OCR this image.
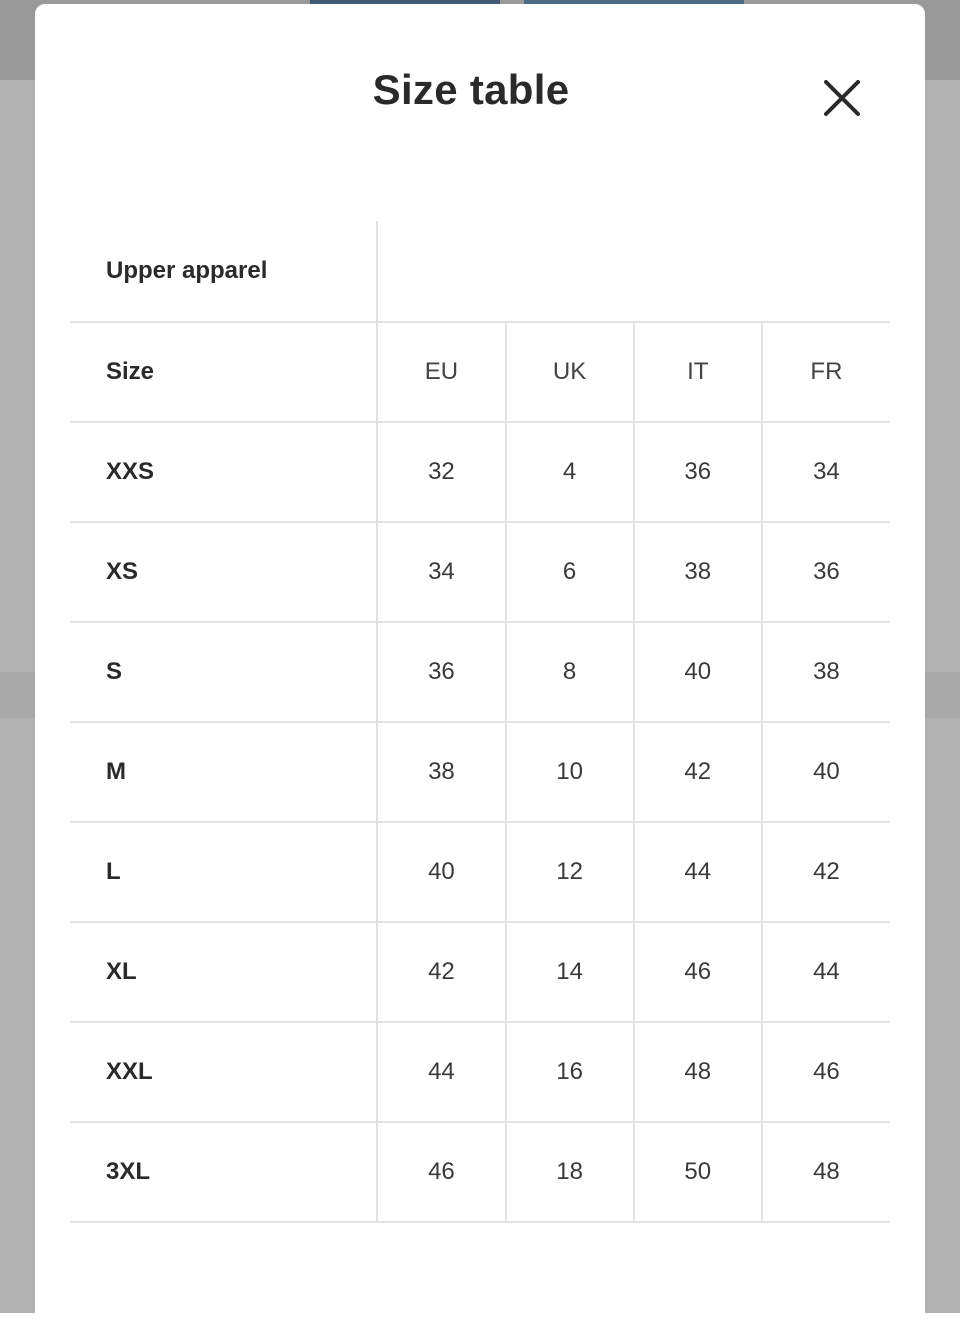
Size table
Upper apparel				
Size	EU	UK	IT	FR
XXS	32	4	36	34
XS	34	6	38	36
S	36	8	40	38
M	38	10	42	40
L	40	12	44	42
XL	42	14	46	44
XXL	44	16	48	46
3XL	46	18	50	48
